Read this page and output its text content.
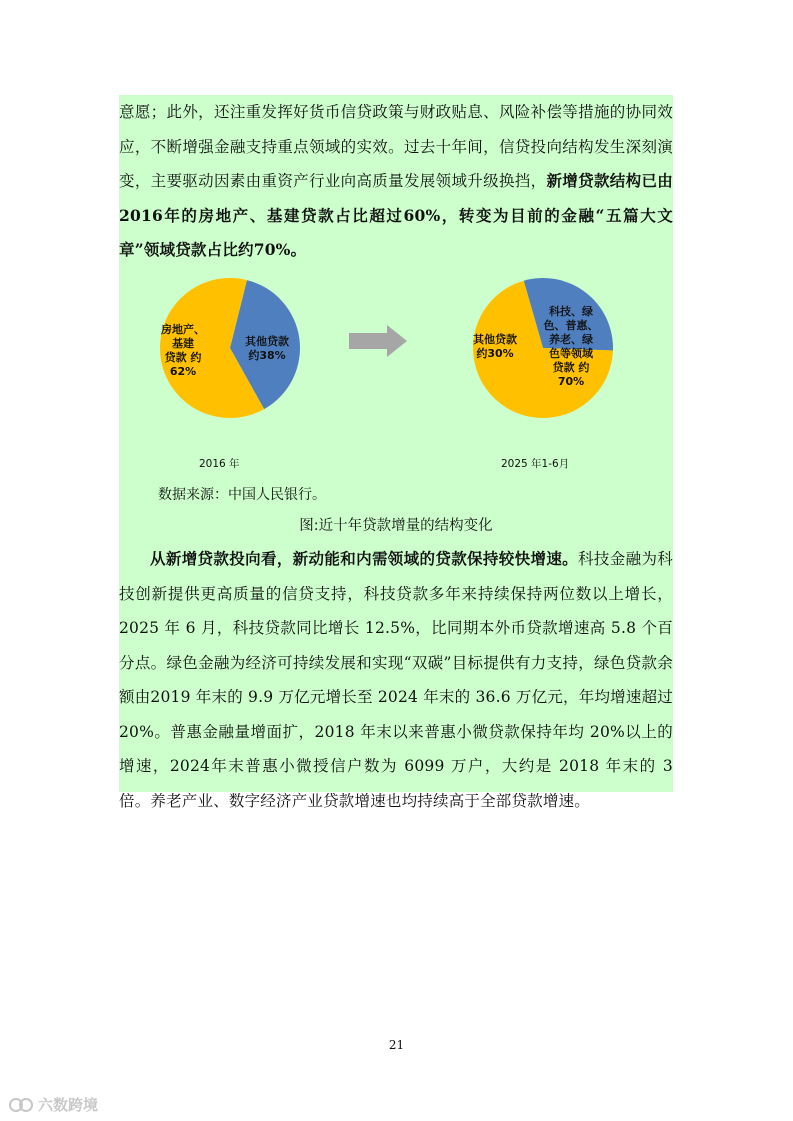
意愿；此外，还注重发挥好货币信贷政策与财政贴息、风险补偿等措施的协同效应，不断增强金融支持重点领域的实效。过去十年间，信贷投向结构发生深刻演变，主要驱动因素由重资产行业向高质量发展领域升级换挡，新增贷款结构已由2016年的房地产、基建贷款占比超过60%，转变为目前的金融“五篇大文章”领域贷款占比约70%。
房地产、
基建
贷款 约
62%
其他贷款
约38%
科技、绿
色、普惠、
养老、绿
色等领域
贷款 约
70%
其他贷款
约30%
2016 年	2025 年1-6月
数据来源：中国人民银行。
图:近十年贷款增量的结构变化
从新增贷款投向看，新动能和内需领域的贷款保持较快增速。科技金融为科技创新提供更高质量的信贷支持，科技贷款多年来持续保持两位数以上增长，2025 年 6 月，科技贷款同比增长 12.5%，比同期本外币贷款增速高 5.8 个百分点。绿色金融为经济可持续发展和实现“双碳”目标提供有力支持，绿色贷款余额由2019 年末的 9.9 万亿元增长至 2024 年末的 36.6 万亿元，年均增速超过 20%。普惠金融量增面扩，2018 年末以来普惠小微贷款保持年均 20%以上的增速，2024年末普惠小微授信户数为 6099 万户，大约是 2018 年末的 3 倍。养老产业、数字经济产业贷款增速也均持续高于全部贷款增速。
21
六数跨境
